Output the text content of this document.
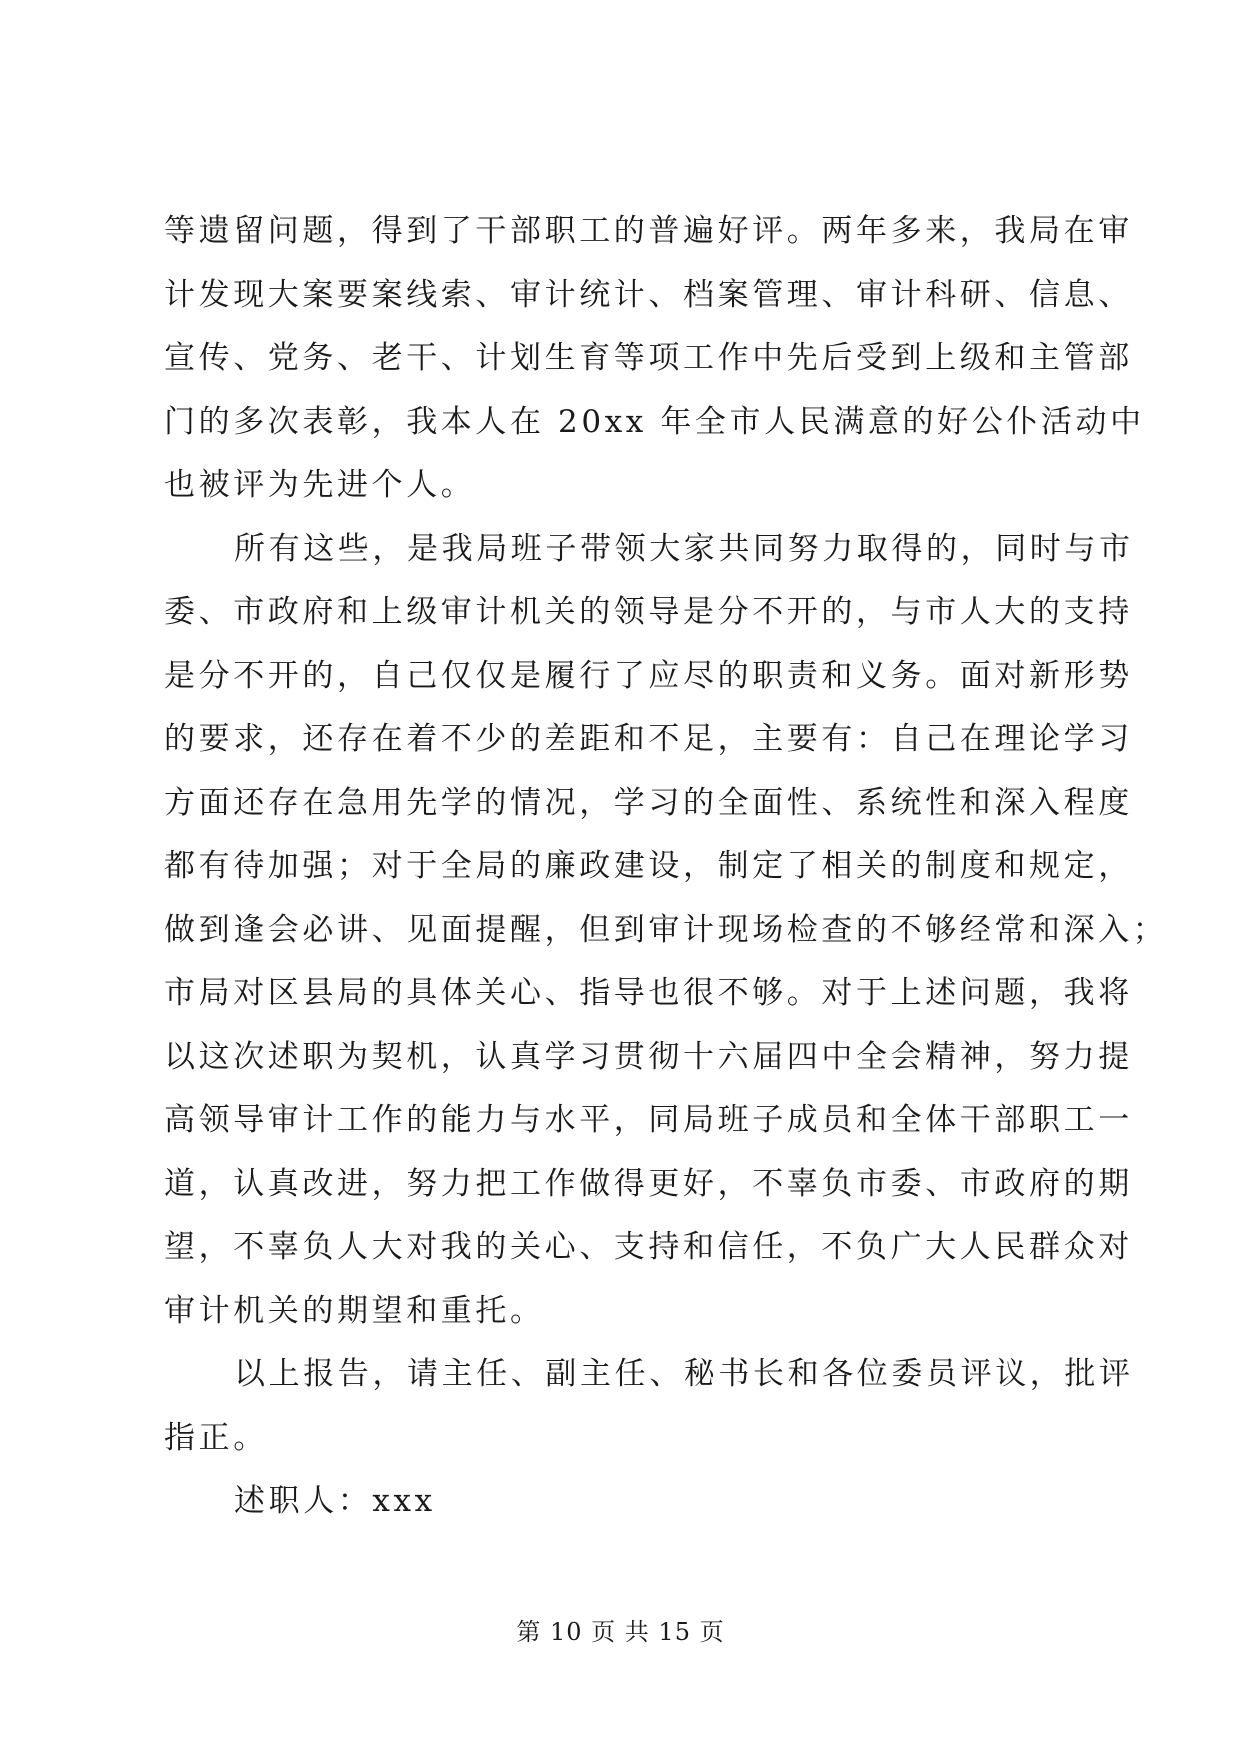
等遗留问题，得到了干部职工的普遍好评。两年多来，我局在审
计发现大案要案线索、审计统计、档案管理、审计科研、信息、
宣传、党务、老干、计划生育等项工作中先后受到上级和主管部
门的多次表彰，我本人在 20xx 年全市人民满意的好公仆活动中
也被评为先进个人。
所有这些，是我局班子带领大家共同努力取得的，同时与市
委、市政府和上级审计机关的领导是分不开的，与市人大的支持
是分不开的，自己仅仅是履行了应尽的职责和义务。面对新形势
的要求，还存在着不少的差距和不足，主要有：自己在理论学习
方面还存在急用先学的情况，学习的全面性、系统性和深入程度
都有待加强；对于全局的廉政建设，制定了相关的制度和规定，
做到逢会必讲、见面提醒，但到审计现场检查的不够经常和深入；
市局对区县局的具体关心、指导也很不够。对于上述问题，我将
以这次述职为契机，认真学习贯彻十六届四中全会精神，努力提
高领导审计工作的能力与水平，同局班子成员和全体干部职工一
道，认真改进，努力把工作做得更好，不辜负市委、市政府的期
望，不辜负人大对我的关心、支持和信任，不负广大人民群众对
审计机关的期望和重托。
以上报告，请主任、副主任、秘书长和各位委员评议，批评
指正。
述职人：xxx
第 10 页 共 15 页
